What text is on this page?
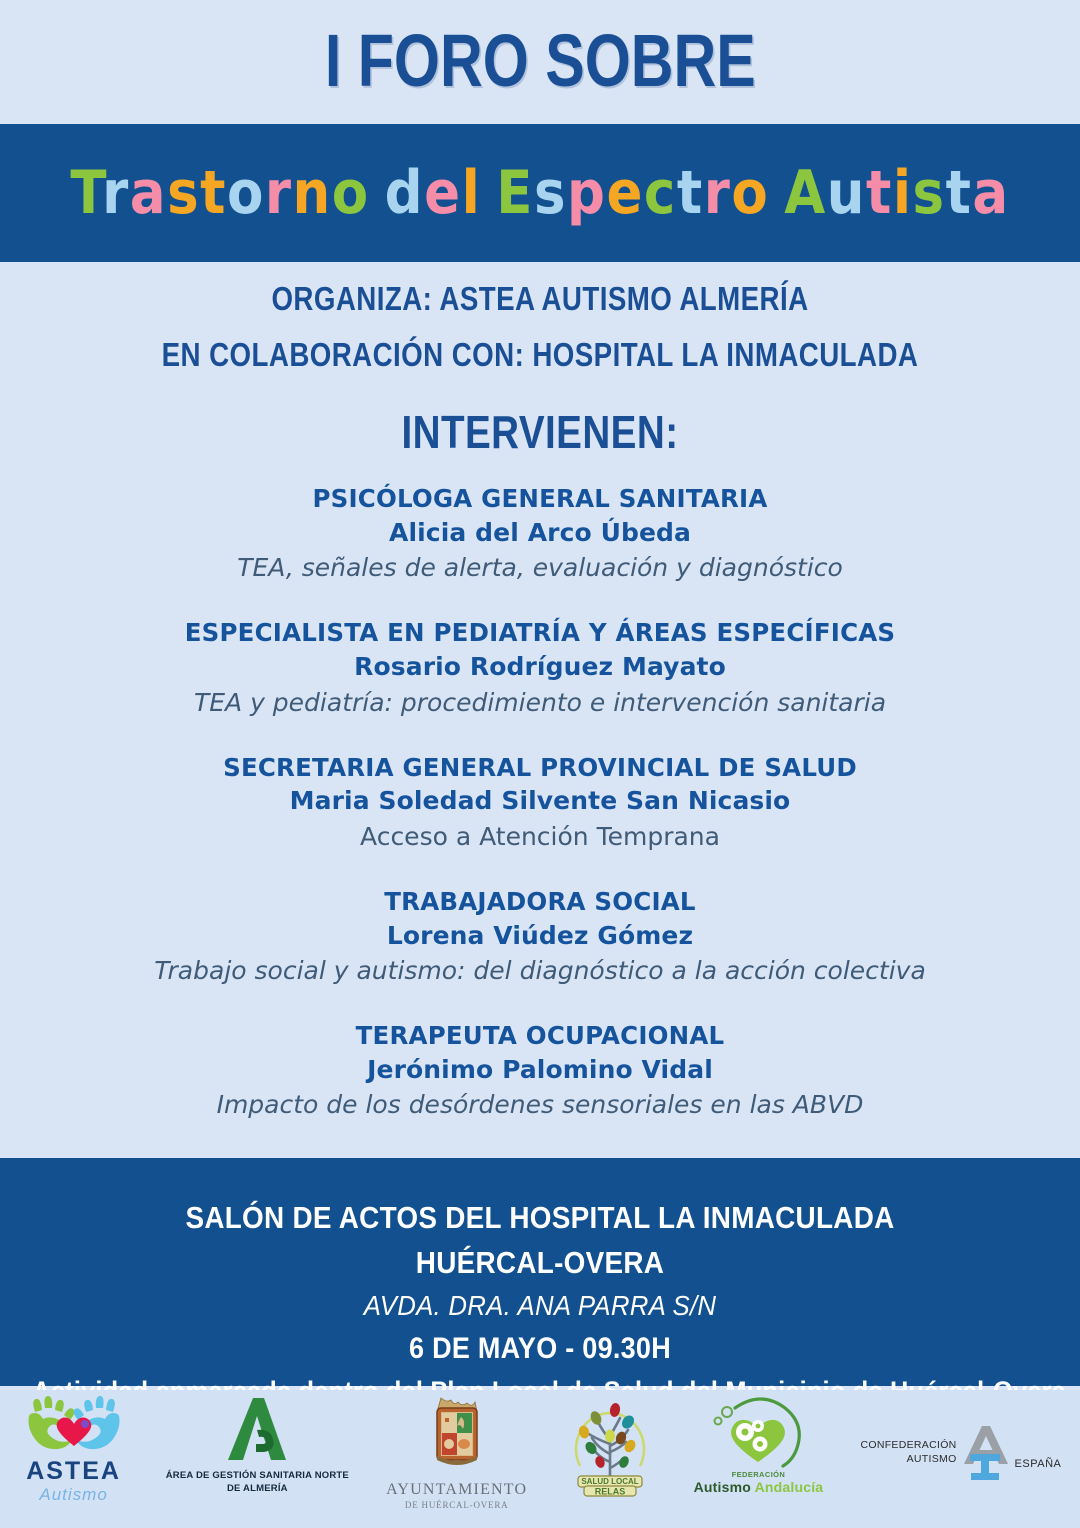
I FORO SOBRE
Trastorno del Espectro Autista
ORGANIZA: ASTEA AUTISMO ALMERÍA
EN COLABORACIÓN CON: HOSPITAL LA INMACULADA
INTERVIENEN:
PSICÓLOGA GENERAL SANITARIA
Alicia del Arco Úbeda
TEA, señales de alerta, evaluación y diagnóstico
ESPECIALISTA EN PEDIATRÍA Y ÁREAS ESPECÍFICAS
Rosario Rodríguez Mayato
TEA y pediatría: procedimiento e intervención sanitaria
SECRETARIA GENERAL PROVINCIAL DE SALUD
Maria Soledad Silvente San Nicasio
Acceso a Atención Temprana
TRABAJADORA SOCIAL
Lorena Viúdez Gómez
Trabajo social y autismo: del diagnóstico a la acción colectiva
TERAPEUTA OCUPACIONAL
Jerónimo Palomino Vidal
Impacto de los desórdenes sensoriales en las ABVD
SALÓN DE ACTOS DEL HOSPITAL LA INMACULADA
HUÉRCAL-OVERA
AVDA. DRA. ANA PARRA S/N
6 DE MAYO - 09.30H
ASTEA
Autismo
ÁREA DE GESTIÓN SANITARIA NORTE
DE ALMERÍA	AYUNTAMIENTO
DE HUÉRCAL-OVERA
SALUD LOCAL
RELAS
FEDERACIÓN
Autismo Andalucía
CONFEDERACIÓN
AUTISMO	ESPAÑA
